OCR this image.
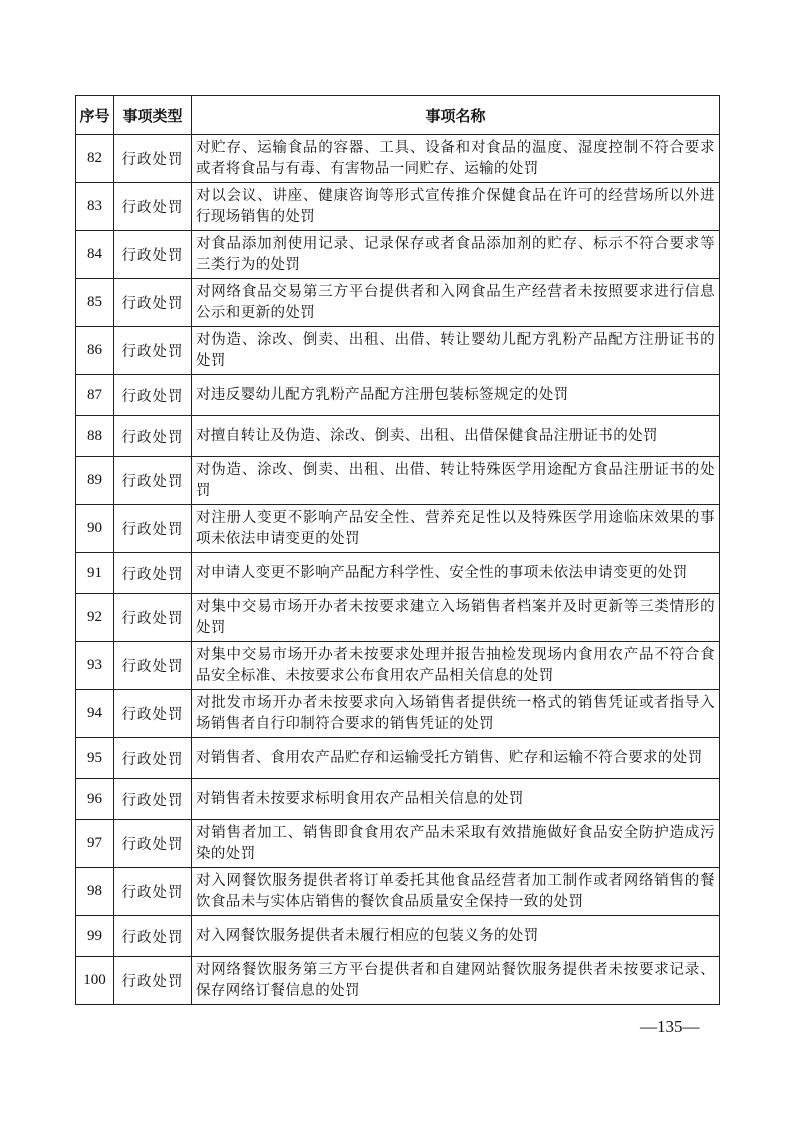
序号	事项类型	事项名称
82	行政处罚	对贮存、运输食品的容器、工具、设备和对食品的温度、湿度控制不符合要求或者将食品与有毒、有害物品一同贮存、运输的处罚
83	行政处罚	对以会议、讲座、健康咨询等形式宣传推介保健食品在许可的经营场所以外进行现场销售的处罚
84	行政处罚	对食品添加剂使用记录、记录保存或者食品添加剂的贮存、标示不符合要求等三类行为的处罚
85	行政处罚	对网络食品交易第三方平台提供者和入网食品生产经营者未按照要求进行信息公示和更新的处罚
86	行政处罚	对伪造、涂改、倒卖、出租、出借、转让婴幼儿配方乳粉产品配方注册证书的处罚
87	行政处罚	对违反婴幼儿配方乳粉产品配方注册包装标签规定的处罚
88	行政处罚	对擅自转让及伪造、涂改、倒卖、出租、出借保健食品注册证书的处罚
89	行政处罚	对伪造、涂改、倒卖、出租、出借、转让特殊医学用途配方食品注册证书的处罚
90	行政处罚	对注册人变更不影响产品安全性、营养充足性以及特殊医学用途临床效果的事项未依法申请变更的处罚
91	行政处罚	对申请人变更不影响产品配方科学性、安全性的事项未依法申请变更的处罚
92	行政处罚	对集中交易市场开办者未按要求建立入场销售者档案并及时更新等三类情形的处罚
93	行政处罚	对集中交易市场开办者未按要求处理并报告抽检发现场内食用农产品不符合食品安全标准、未按要求公布食用农产品相关信息的处罚
94	行政处罚	对批发市场开办者未按要求向入场销售者提供统一格式的销售凭证或者指导入场销售者自行印制符合要求的销售凭证的处罚
95	行政处罚	对销售者、食用农产品贮存和运输受托方销售、贮存和运输不符合要求的处罚
96	行政处罚	对销售者未按要求标明食用农产品相关信息的处罚
97	行政处罚	对销售者加工、销售即食食用农产品未采取有效措施做好食品安全防护造成污染的处罚
98	行政处罚	对入网餐饮服务提供者将订单委托其他食品经营者加工制作或者网络销售的餐饮食品未与实体店销售的餐饮食品质量安全保持一致的处罚
99	行政处罚	对入网餐饮服务提供者未履行相应的包装义务的处罚
100	行政处罚	对网络餐饮服务第三方平台提供者和自建网站餐饮服务提供者未按要求记录、保存网络订餐信息的处罚
—135—
